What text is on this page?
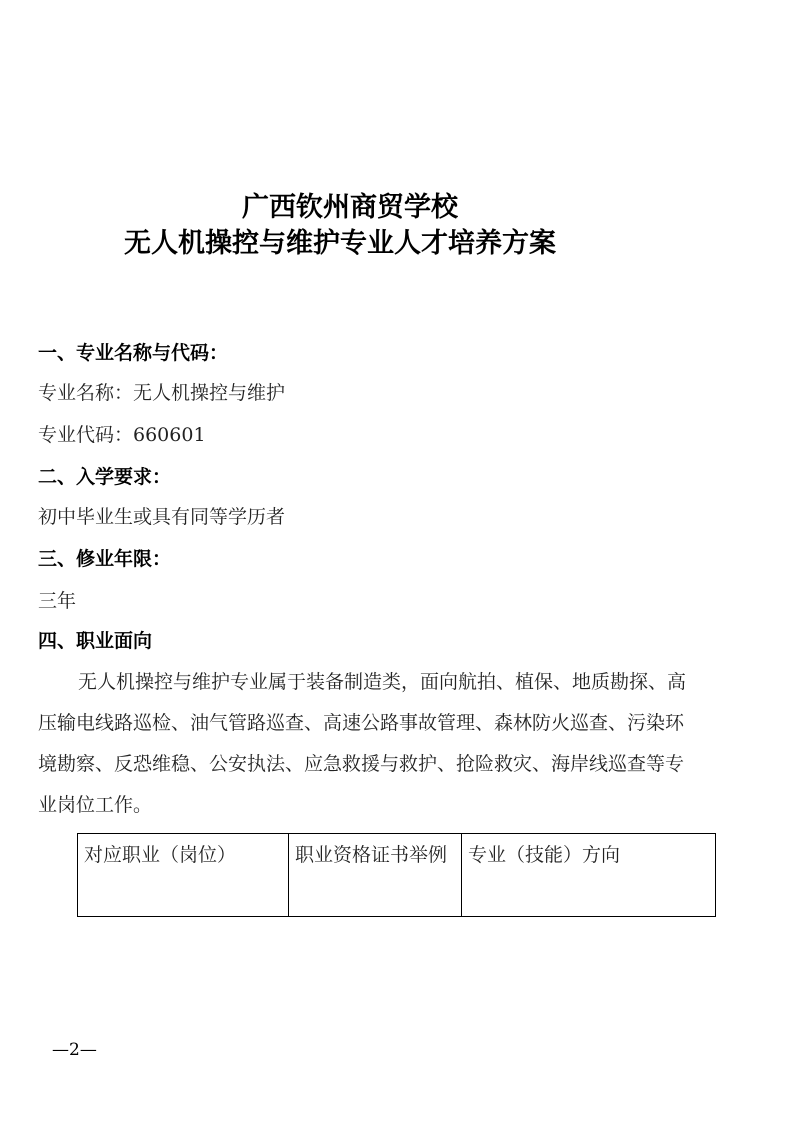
广西钦州商贸学校
无人机操控与维护专业人才培养方案
一、专业名称与代码：
专业名称：无人机操控与维护
专业代码：660601
二、入学要求：
初中毕业生或具有同等学历者
三、修业年限：
三年
四、职业面向
无人机操控与维护专业属于装备制造类，面向航拍、植保、地质勘探、高
压输电线路巡检、油气管路巡查、高速公路事故管理、森林防火巡查、污染环
境勘察、反恐维稳、公安执法、应急救援与救护、抢险救灾、海岸线巡查等专
业岗位工作。
对应职业（岗位）	职业资格证书举例	专业（技能）方向
—2—
